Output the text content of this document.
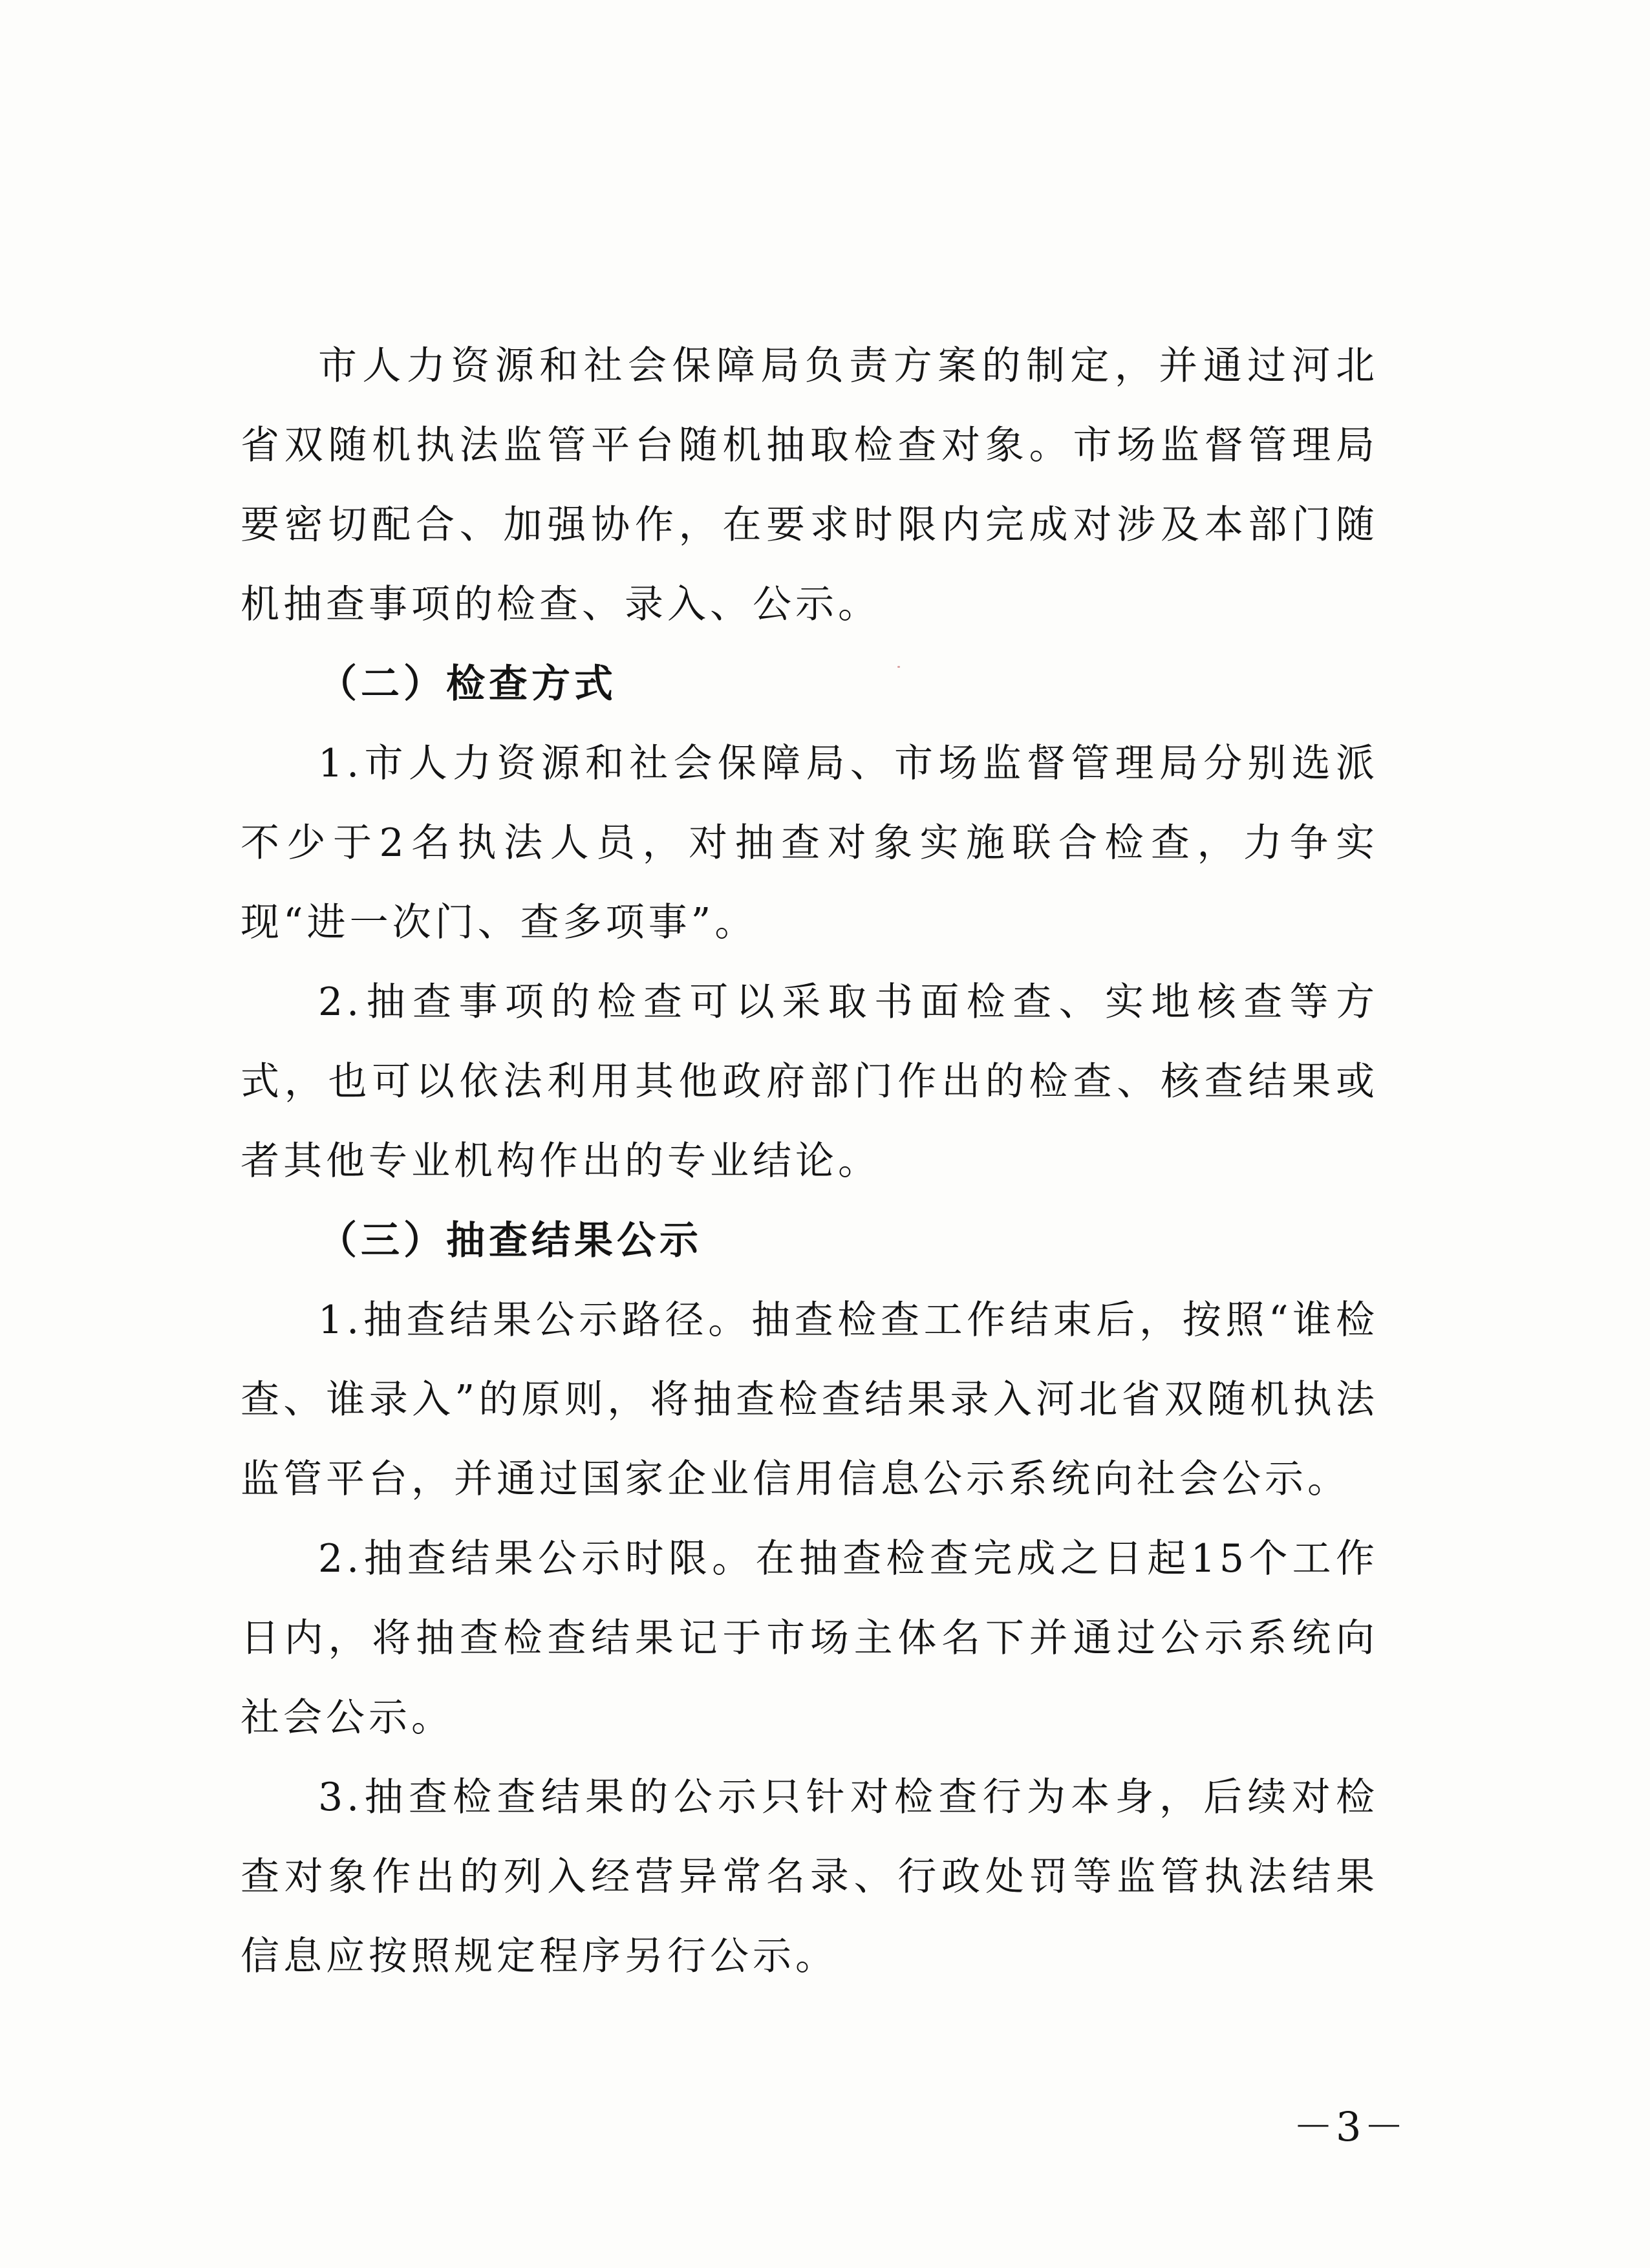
市人力资源和社会保障局负责方案的制定，并通过河北省双随机执法监管平台随机抽取检查对象。市场监督管理局要密切配合、加强协作，在要求时限内完成对涉及本部门随机抽查事项的检查、录入、公示。

（二）检查方式

1.市人力资源和社会保障局、市场监督管理局分别选派不少于2名执法人员，对抽查对象实施联合检查，力争实现“进一次门、查多项事”。

2.抽查事项的检查可以采取书面检查、实地核查等方式，也可以依法利用其他政府部门作出的检查、核查结果或者其他专业机构作出的专业结论。

（三）抽查结果公示

1.抽查结果公示路径。抽查检查工作结束后，按照“谁检查、谁录入”的原则，将抽查检查结果录入河北省双随机执法监管平台，并通过国家企业信用信息公示系统向社会公示。

2.抽查结果公示时限。在抽查检查完成之日起15个工作日内，将抽查检查结果记于市场主体名下并通过公示系统向社会公示。

3.抽查检查结果的公示只针对检查行为本身，后续对检查对象作出的列入经营异常名录、行政处罚等监管执法结果信息应按照规定程序另行公示。

－3－
